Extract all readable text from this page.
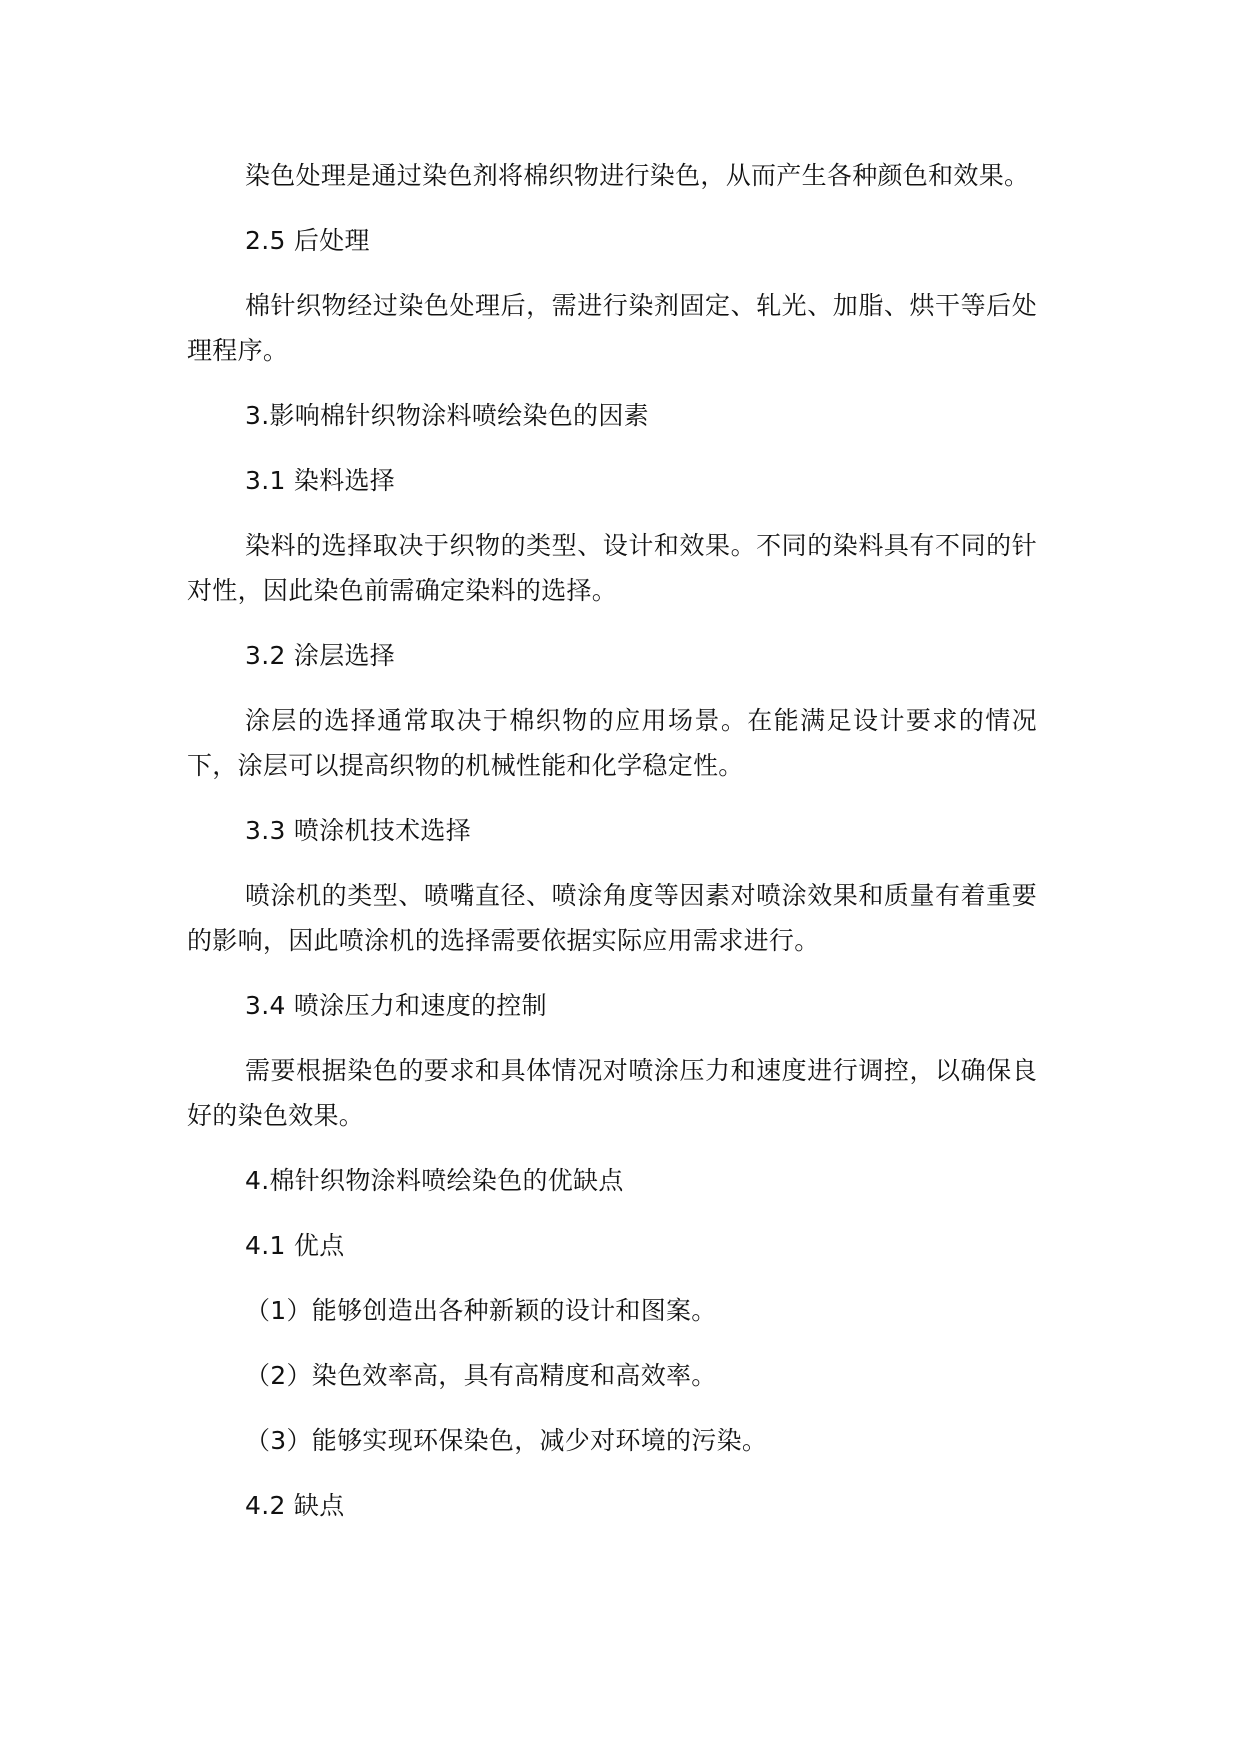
染色处理是通过染色剂将棉织物进行染色，从而产生各种颜色和效果。

2.5 后处理

棉针织物经过染色处理后，需进行染剂固定、轧光、加脂、烘干等后处理程序。

3.影响棉针织物涂料喷绘染色的因素

3.1 染料选择

染料的选择取决于织物的类型、设计和效果。不同的染料具有不同的针对性，因此染色前需确定染料的选择。

3.2 涂层选择

涂层的选择通常取决于棉织物的应用场景。在能满足设计要求的情况下，涂层可以提高织物的机械性能和化学稳定性。

3.3 喷涂机技术选择

喷涂机的类型、喷嘴直径、喷涂角度等因素对喷涂效果和质量有着重要的影响，因此喷涂机的选择需要依据实际应用需求进行。

3.4 喷涂压力和速度的控制

需要根据染色的要求和具体情况对喷涂压力和速度进行调控，以确保良好的染色效果。

4.棉针织物涂料喷绘染色的优缺点

4.1 优点

（1）能够创造出各种新颖的设计和图案。

（2）染色效率高，具有高精度和高效率。

（3）能够实现环保染色，减少对环境的污染。

4.2 缺点
